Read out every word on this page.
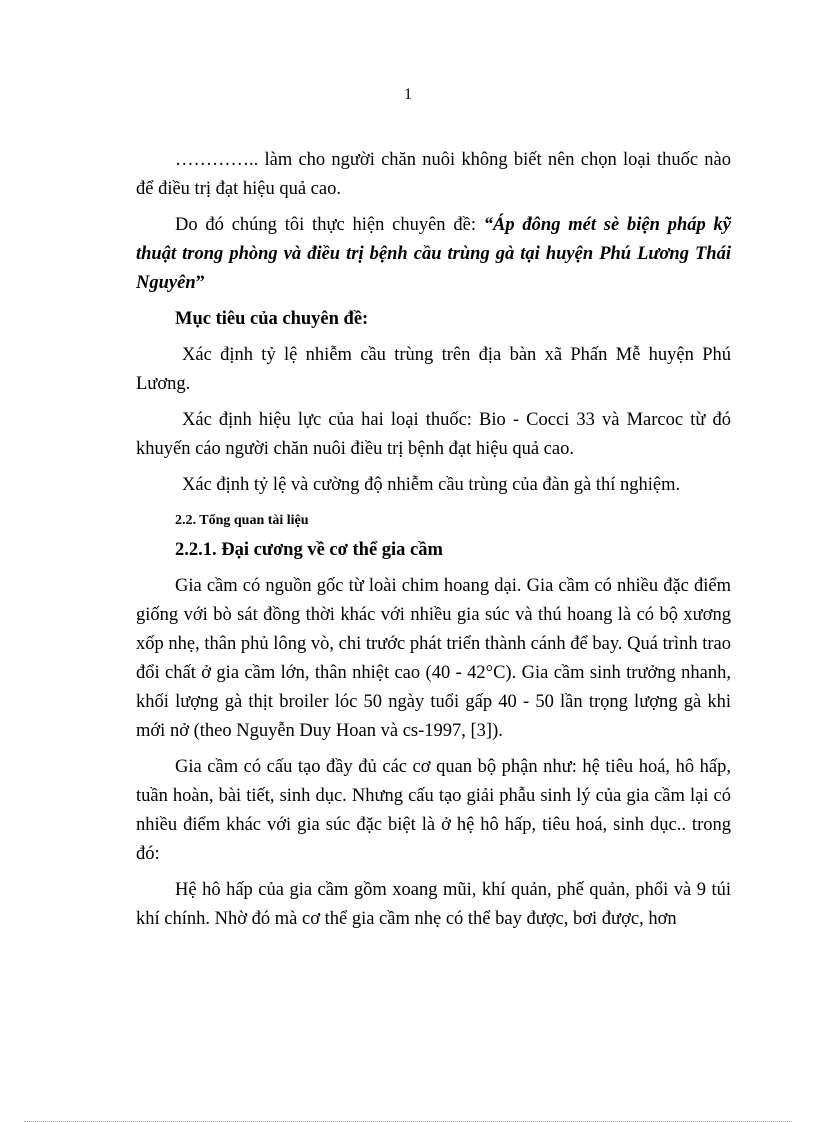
1

………….. làm cho người chăn nuôi không biết nên chọn loại thuốc nào để điều trị đạt hiệu quả cao.

Do đó chúng tôi thực hiện chuyên đề: “Áp đông mét sè biện pháp kỹ thuật trong phòng và điều trị bệnh cầu trùng gà tại huyện Phú Lương Thái Nguyên”

Mục tiêu của chuyên đề:

Xác định tỷ lệ nhiễm cầu trùng trên địa bàn xã Phấn Mễ huyện Phú Lương.

Xác định hiệu lực của hai loại thuốc: Bio - Cocci 33 và Marcoc từ đó khuyến cáo người chăn nuôi điều trị bệnh đạt hiệu quả cao.

Xác định tỷ lệ và cường độ nhiễm cầu trùng của đàn gà thí nghiệm.

2.2. Tổng quan tài liệu

2.2.1. Đại cương về cơ thể gia cầm

Gia cầm có nguồn gốc từ loài chim hoang dại. Gia cầm có nhiều đặc điểm giống với bò sát đồng thời khác với nhiều gia súc và thú hoang là có bộ xương xốp nhẹ, thân phủ lông vò, chi trước phát triển thành cánh để bay. Quá trình trao đổi chất ở gia cầm lớn, thân nhiệt cao (40 - 42°C). Gia cầm sinh trưởng nhanh, khối lượng gà thịt broiler lóc 50 ngày tuổi gấp 40 - 50 lần trọng lượng gà khi mới nở (theo Nguyễn Duy Hoan và cs-1997, [3]).

Gia cầm có cấu tạo đầy đủ các cơ quan bộ phận như: hệ tiêu hoá, hô hấp, tuần hoàn, bài tiết, sinh dục. Nhưng cấu tạo giải phẫu sinh lý của gia cầm lại có nhiều điểm khác với gia súc đặc biệt là ở hệ hô hấp, tiêu hoá, sinh dục.. trong đó:

Hệ hô hấp của gia cầm gồm xoang mũi, khí quản, phế quản, phổi và 9 túi khí chính. Nhờ đó mà cơ thể gia cầm nhẹ có thể bay được, bơi được, hơn
